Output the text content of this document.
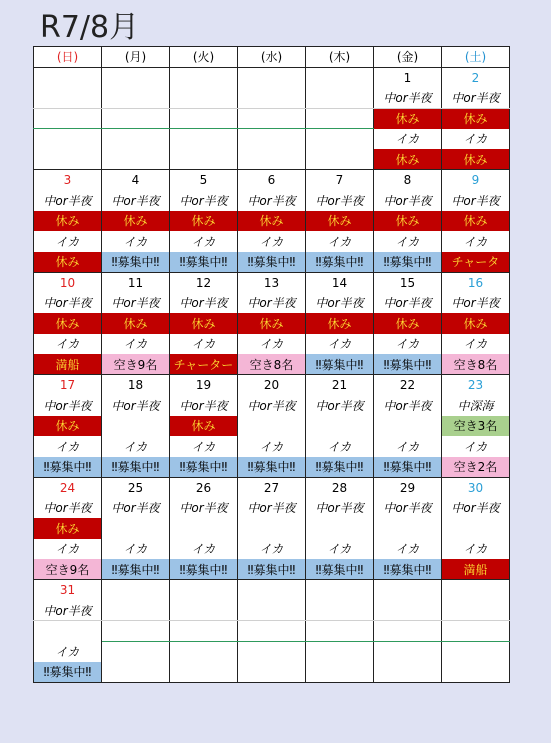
R7/8月
(日)	(月)	(火)	(水)	(木)	(金)	(土)
					1	2
					中or半夜	中or半夜
					休み	休み
					イカ	イカ
					休み	休み
3	4	5	6	7	8	9
中or半夜	中or半夜	中or半夜	中or半夜	中or半夜	中or半夜	中or半夜
休み	休み	休み	休み	休み	休み	休み
イカ	イカ	イカ	イカ	イカ	イカ	イカ
休み	‼募集中‼	‼募集中‼	‼募集中‼	‼募集中‼	‼募集中‼	チャータ
10	11	12	13	14	15	16
中or半夜	中or半夜	中or半夜	中or半夜	中or半夜	中or半夜	中or半夜
休み	休み	休み	休み	休み	休み	休み
イカ	イカ	イカ	イカ	イカ	イカ	イカ
満船	空き9名	チャーター	空き8名	‼募集中‼	‼募集中‼	空き8名
17	18	19	20	21	22	23
中or半夜	中or半夜	中or半夜	中or半夜	中or半夜	中or半夜	中深海
休み		休み				空き3名
イカ	イカ	イカ	イカ	イカ	イカ	イカ
‼募集中‼	‼募集中‼	‼募集中‼	‼募集中‼	‼募集中‼	‼募集中‼	空き2名
24	25	26	27	28	29	30
中or半夜	中or半夜	中or半夜	中or半夜	中or半夜	中or半夜	中or半夜
休み						
イカ	イカ	イカ	イカ	イカ	イカ	イカ
空き9名	‼募集中‼	‼募集中‼	‼募集中‼	‼募集中‼	‼募集中‼	満船
31						
中or半夜						

イカ						
‼募集中‼						
